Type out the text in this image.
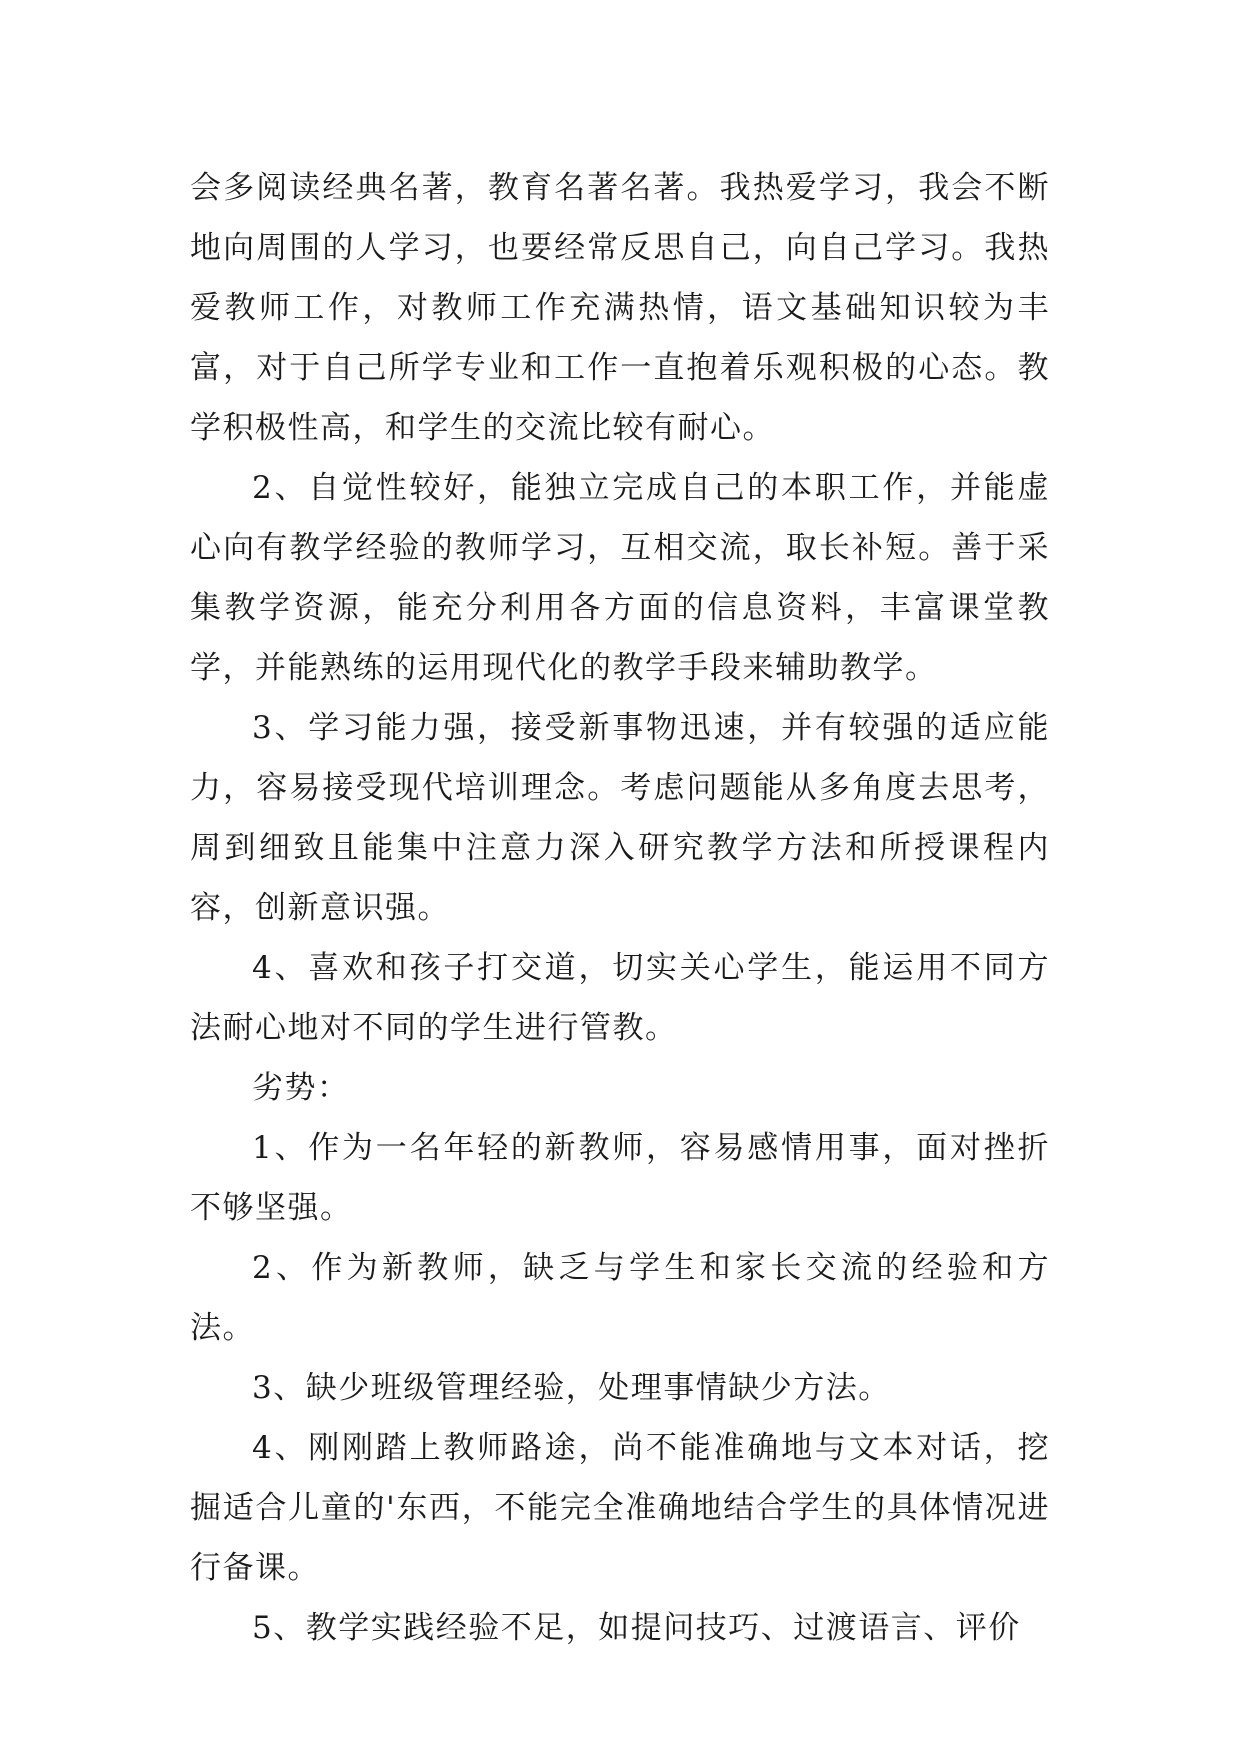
会多阅读经典名著，教育名著名著。我热爱学习，我会不断地向周围的人学习，也要经常反思自己，向自己学习。我热爱教师工作，对教师工作充满热情，语文基础知识较为丰富，对于自己所学专业和工作一直抱着乐观积极的心态。教学积极性高，和学生的交流比较有耐心。

2、自觉性较好，能独立完成自己的本职工作，并能虚心向有教学经验的教师学习，互相交流，取长补短。善于采集教学资源，能充分利用各方面的信息资料，丰富课堂教学，并能熟练的运用现代化的教学手段来辅助教学。

3、学习能力强，接受新事物迅速，并有较强的适应能力，容易接受现代培训理念。考虑问题能从多角度去思考，周到细致且能集中注意力深入研究教学方法和所授课程内容，创新意识强。

4、喜欢和孩子打交道，切实关心学生，能运用不同方法耐心地对不同的学生进行管教。

劣势：

1、作为一名年轻的新教师，容易感情用事，面对挫折不够坚强。

2、作为新教师，缺乏与学生和家长交流的经验和方法。

3、缺少班级管理经验，处理事情缺少方法。

4、刚刚踏上教师路途，尚不能准确地与文本对话，挖掘适合儿童的'东西，不能完全准确地结合学生的具体情况进行备课。

5、教学实践经验不足，如提问技巧、过渡语言、评价
